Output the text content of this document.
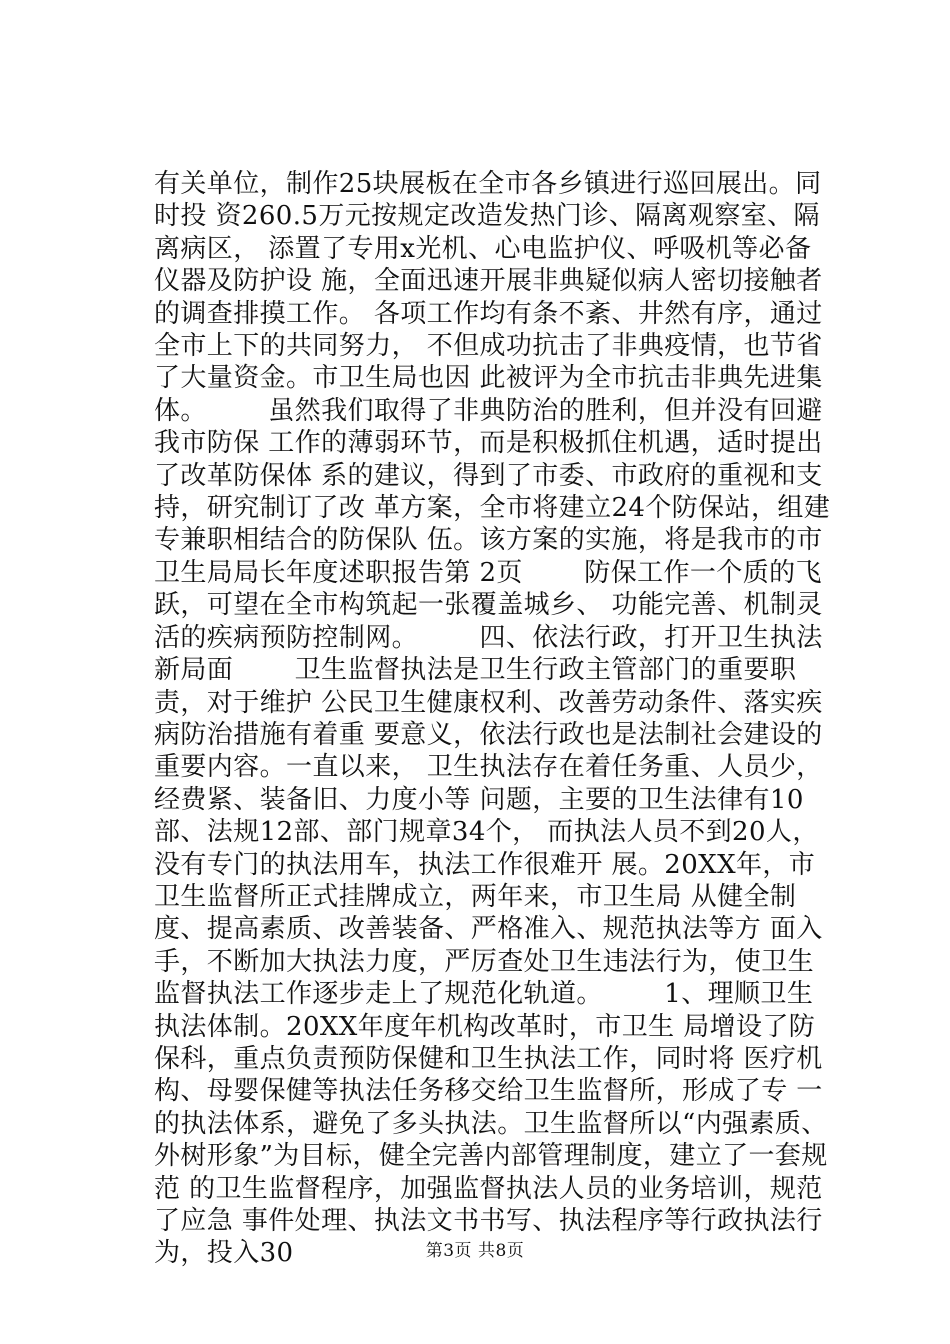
有关单位，制作25块展板在全市各乡镇进行巡回展出。同时投 资260.5万元按规定改造发热门诊、隔离观察室、隔离病区， 添置了专用x光机、心电监护仪、呼吸机等必备仪器及防护设 施，全面迅速开展非典疑似病人密切接触者的调查排摸工作。 各项工作均有条不紊、井然有序，通过全市上下的共同努力， 不但成功抗击了非典疫情，也节省了大量资金。市卫生局也因 此被评为全市抗击非典先进集体。 　　虽然我们取得了非典防治的胜利，但并没有回避我市防保 工作的薄弱环节，而是积极抓住机遇，适时提出了改革防保体 系的建议，得到了市委、市政府的重视和支持，研究制订了改 革方案，全市将建立24个防保站，组建专兼职相结合的防保队 伍。该方案的实施，将是我市的市卫生局局长年度述职报告第 2页 　　防保工作一个质的飞跃，可望在全市构筑起一张覆盖城乡、 功能完善、机制灵活的疾病预防控制网。 　　四、依法行政，打开卫生执法新局面 　　卫生监督执法是卫生行政主管部门的重要职责，对于维护 公民卫生健康权利、改善劳动条件、落实疾病防治措施有着重 要意义，依法行政也是法制社会建设的重要内容。一直以来， 卫生执法存在着任务重、人员少，经费紧、装备旧、力度小等 问题，主要的卫生法律有10部、法规12部、部门规章34个， 而执法人员不到20人，没有专门的执法用车，执法工作很难开 展。20XX年，市卫生监督所正式挂牌成立，两年来，市卫生局 从健全制度、提高素质、改善装备、严格准入、规范执法等方 面入手，不断加大执法力度，严厉查处卫生违法行为，使卫生 监督执法工作逐步走上了规范化轨道。 　　1、理顺卫生执法体制。20XX年度年机构改革时，市卫生 局增设了防保科，重点负责预防保健和卫生执法工作，同时将 医疗机构、母婴保健等执法任务移交给卫生监督所，形成了专 一的执法体系，避免了多头执法。卫生监督所以“内强素质、 外树形象”为目标，健全完善内部管理制度，建立了一套规范 的卫生监督程序，加强监督执法人员的业务培训，规范了应急 事件处理、执法文书书写、执法程序等行政执法行为，投入30	第3页 共8页
